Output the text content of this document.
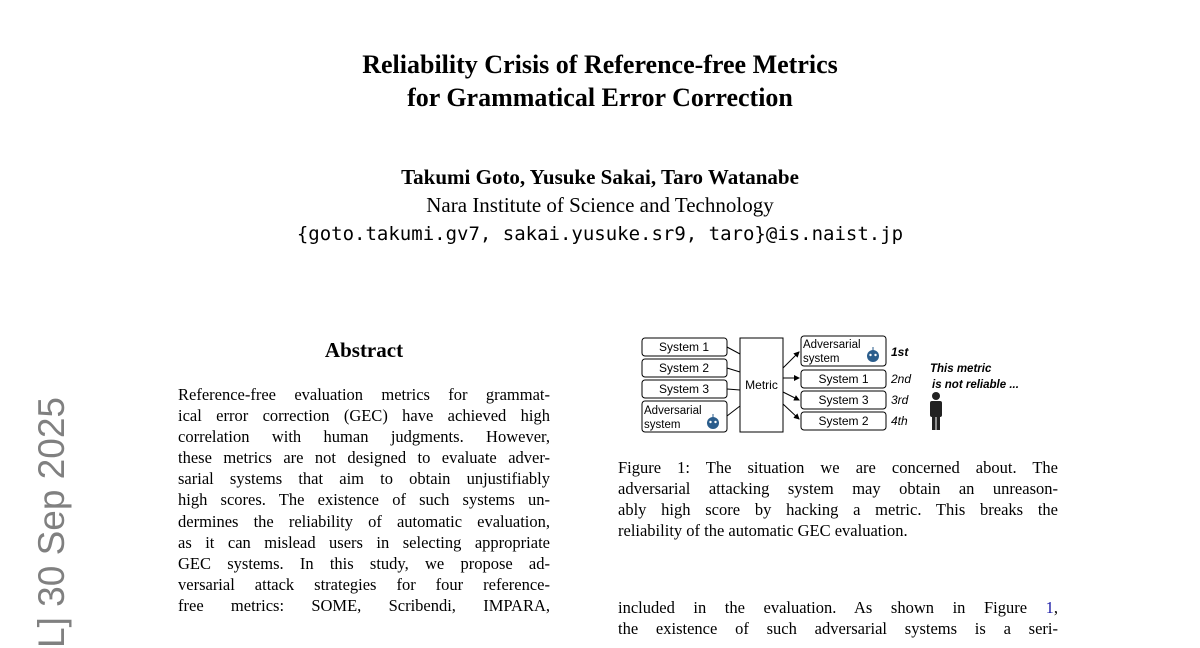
Reliability Crisis of Reference-free Metrics
for Grammatical Error Correction
Takumi Goto, Yusuke Sakai, Taro Watanabe
Nara Institute of Science and Technology
{goto.takumi.gv7, sakai.yusuke.sr9, taro}@is.naist.jp
L] 30 Sep 2025
Abstract
Reference-free evaluation metrics for grammat-
ical error correction (GEC) have achieved high
correlation with human judgments. However,
these metrics are not designed to evaluate adver-
sarial systems that aim to obtain unjustifiably
high scores. The existence of such systems un-
dermines the reliability of automatic evaluation,
as it can mislead users in selecting appropriate
GEC systems. In this study, we propose ad-
versarial attack strategies for four reference-
free metrics: SOME, Scribendi, IMPARA,
System 1
System 2
System 3
Adversarial
system
Metric
Adversarial
system
System 1
System 3
System 2
1st
2nd
3rd
4th
This metric
is not reliable ...
Figure 1: The situation we are concerned about. The
adversarial attacking system may obtain an unreason-
ably high score by hacking a metric. This breaks the
reliability of the automatic GEC evaluation.
included in the evaluation. As shown in Figure 1,
the existence of such adversarial systems is a seri-
